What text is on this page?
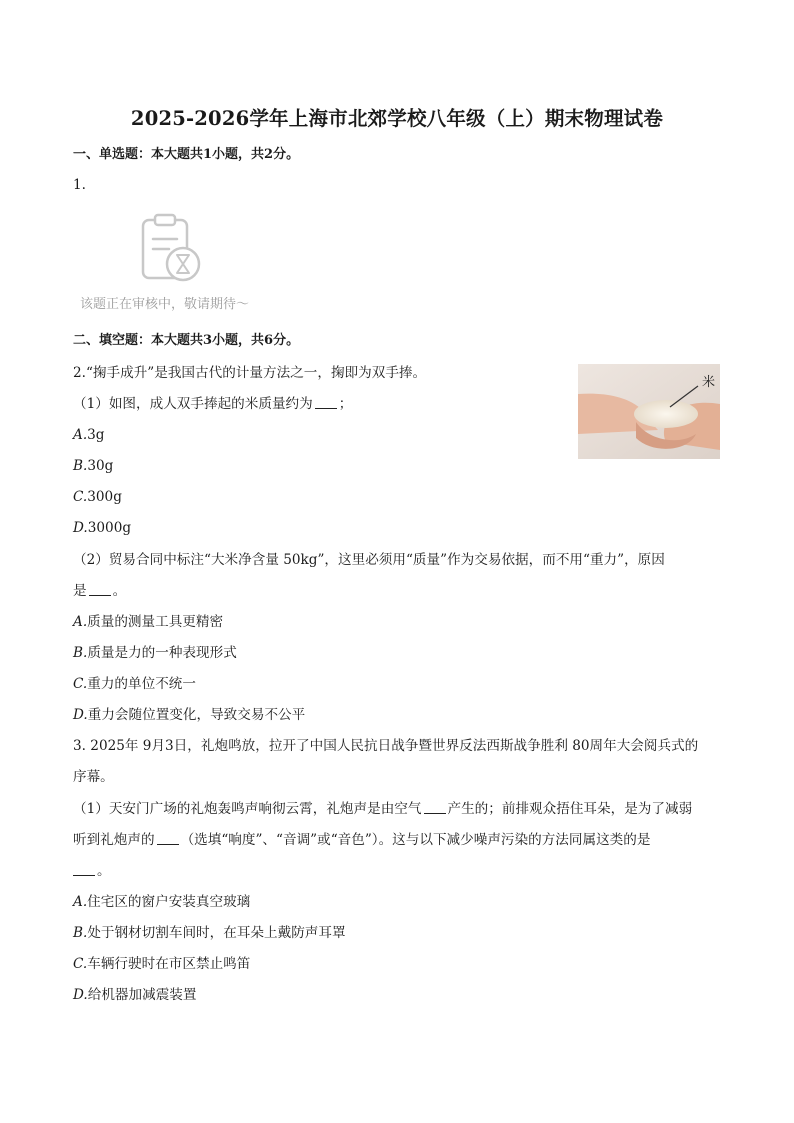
2025-2026学年上海市北郊学校八年级（上）期末物理试卷
一、单选题：本大题共1小题，共2分。
1.
该题正在审核中，敬请期待～
二、填空题：本大题共3小题，共6分。
2.“掬手成升”是我国古代的计量方法之一，掬即为双手捧。
米
（1）如图，成人双手捧起的米质量约为 ；
A.3g
B.30g
C.300g
D.3000g
（2）贸易合同中标注“大米净含量 50kg”，这里必须用“质量”作为交易依据，而不用“重力”，原因
是 。
A.质量的测量工具更精密
B.质量是力的一种表现形式
C.重力的单位不统一
D.重力会随位置变化，导致交易不公平
3. 2025年 9月3日，礼炮鸣放，拉开了中国人民抗日战争暨世界反法西斯战争胜利 80周年大会阅兵式的
序幕。
（1）天安门广场的礼炮轰鸣声响彻云霄，礼炮声是由空气 产生的；前排观众捂住耳朵，是为了减弱
听到礼炮声的 （选填“响度”、“音调”或“音色”）。这与以下减少噪声污染的方法同属这类的是
。
A.住宅区的窗户安装真空玻璃
B.处于钢材切割车间时，在耳朵上戴防声耳罩
C.车辆行驶时在市区禁止鸣笛
D.给机器加减震装置
